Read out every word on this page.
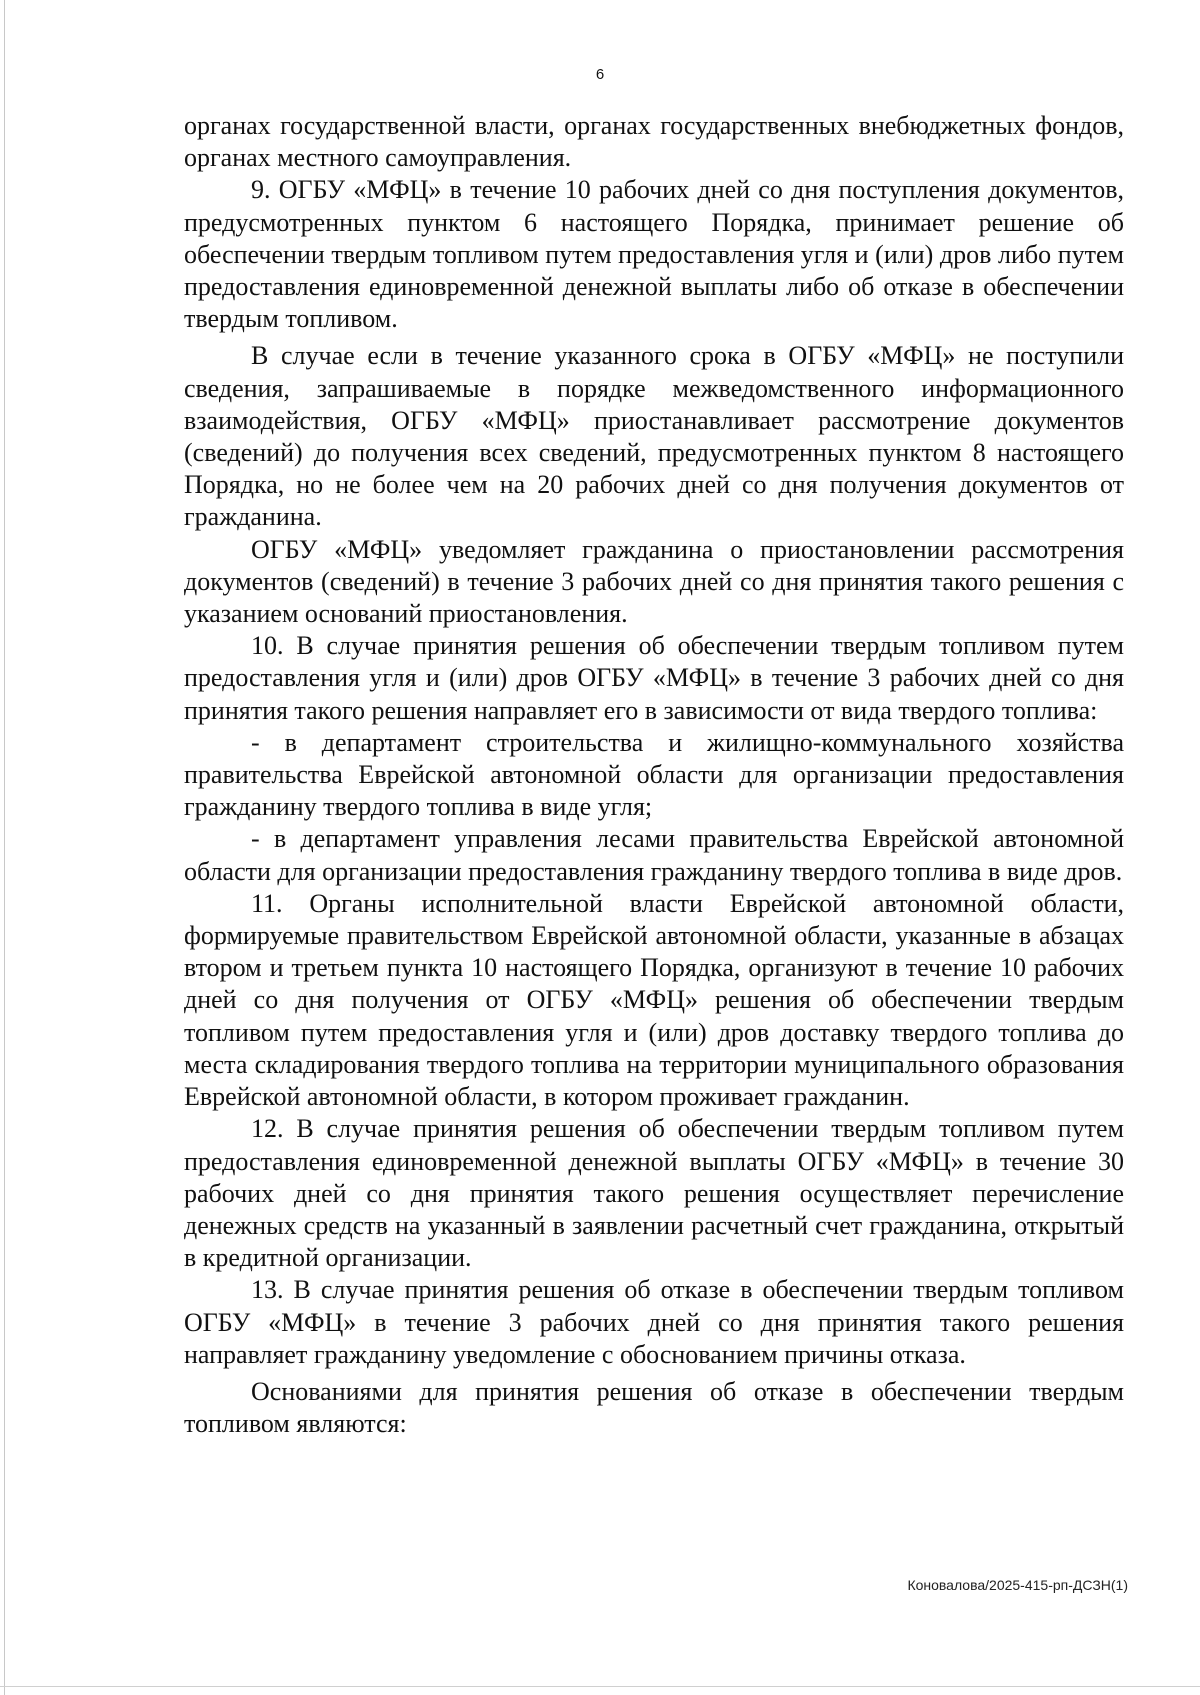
6

органах государственной власти, органах государственных внебюджетных фондов, органах местного самоуправления.

9. ОГБУ «МФЦ» в течение 10 рабочих дней со дня поступления документов, предусмотренных пунктом 6 настоящего Порядка, принимает решение об обеспечении твердым топливом путем предоставления угля и (или) дров либо путем предоставления единовременной денежной выплаты либо об отказе в обеспечении твердым топливом.

В случае если в течение указанного срока в ОГБУ «МФЦ» не поступили сведения, запрашиваемые в порядке межведомственного информационного взаимодействия, ОГБУ «МФЦ» приостанавливает рассмотрение документов (сведений) до получения всех сведений, предусмотренных пунктом 8 настоящего Порядка, но не более чем на 20 рабочих дней со дня получения документов от гражданина.

ОГБУ «МФЦ» уведомляет гражданина о приостановлении рассмотрения документов (сведений) в течение 3 рабочих дней со дня принятия такого решения с указанием оснований приостановления.

10. В случае принятия решения об обеспечении твердым топливом путем предоставления угля и (или) дров ОГБУ «МФЦ» в течение 3 рабочих дней со дня принятия такого решения направляет его в зависимости от вида твердого топлива:

- в департамент строительства и жилищно-коммунального хозяйства правительства Еврейской автономной области для организации предоставления гражданину твердого топлива в виде угля;

- в департамент управления лесами правительства Еврейской автономной области для организации предоставления гражданину твердого топлива в виде дров.

11. Органы исполнительной власти Еврейской автономной области, формируемые правительством Еврейской автономной области, указанные в абзацах втором и третьем пункта 10 настоящего Порядка, организуют в течение 10 рабочих дней со дня получения от ОГБУ «МФЦ» решения об обеспечении твердым топливом путем предоставления угля и (или) дров доставку твердого топлива до места складирования твердого топлива на территории муниципального образования Еврейской автономной области, в котором проживает гражданин.

12. В случае принятия решения об обеспечении твердым топливом путем предоставления единовременной денежной выплаты ОГБУ «МФЦ» в течение 30 рабочих дней со дня принятия такого решения осуществляет перечисление денежных средств на указанный в заявлении расчетный счет гражданина, открытый в кредитной организации.

13. В случае принятия решения об отказе в обеспечении твердым топливом ОГБУ «МФЦ» в течение 3 рабочих дней со дня принятия такого решения направляет гражданину уведомление с обоснованием причины отказа.

Основаниями для принятия решения об отказе в обеспечении твердым топливом являются:

Коновалова/2025-415-рп-ДСЗН(1)
